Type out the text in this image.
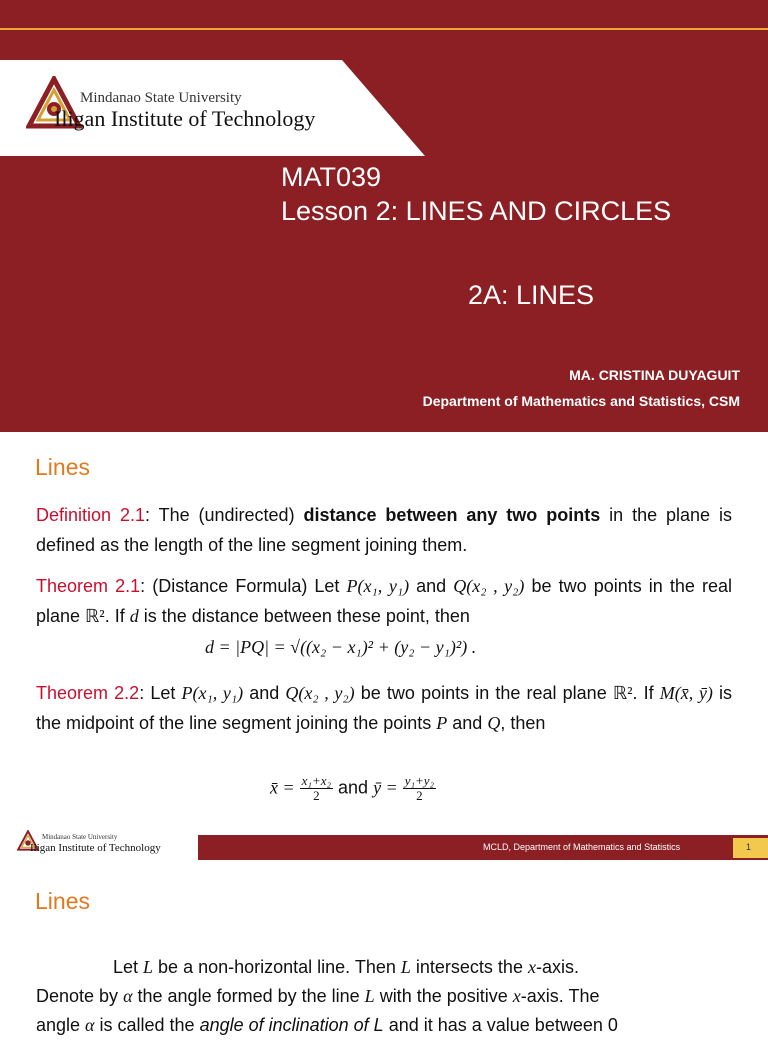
Mindanao State University
Iligan Institute of Technology
MAT039
Lesson 2: LINES AND CIRCLES
2A: LINES
MA. CRISTINA DUYAGUIT
Department of Mathematics and Statistics, CSM
Lines
Definition 2.1: The (undirected) distance between any two points in the plane is defined as the length of the line segment joining them.
Theorem 2.1: (Distance Formula) Let P(x₁, y₁) and Q(x₂ , y₂) be two points in the real plane ℝ². If d is the distance between these point, then
d = |PQ| = √((x₂ − x₁)² + (y₂ − y₁)²) .
Theorem 2.2: Let P(x₁, y₁) and Q(x₂ , y₂) be two points in the real plane ℝ². If M(x̄, ȳ) is the midpoint of the line segment joining the points P and Q, then
x̄ = $\frac{\text{x₁+x₂}}{2}$ and ȳ = $\frac{\text{y₁+y₂}}{2}$
Mindanao State University
Iligan Institute of Technology	MCLD, Department of Mathematics and Statistics	1
Lines
Let L be a non-horizontal line. Then L intersects the x-axis.
Denote by α the angle formed by the line L with the positive x-axis. The
angle α is called the angle of inclination of L and it has a value between 0
